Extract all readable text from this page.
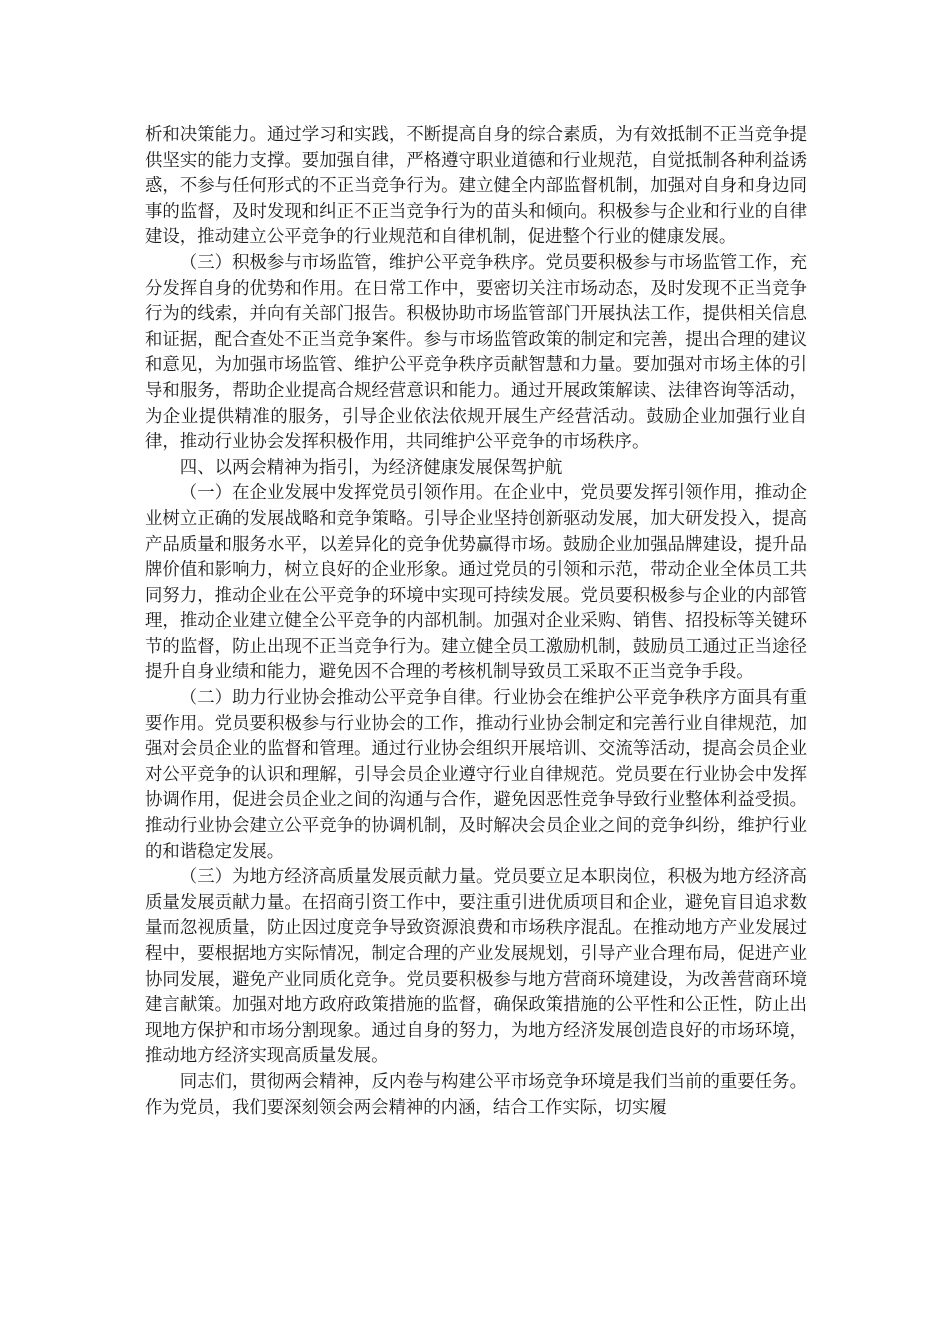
析和决策能力。通过学习和实践，不断提高自身的综合素质，为有效抵制不正当竞争提供坚实的能力支撑。要加强自律，严格遵守职业道德和行业规范，自觉抵制各种利益诱惑，不参与任何形式的不正当竞争行为。建立健全内部监督机制，加强对自身和身边同事的监督，及时发现和纠正不正当竞争行为的苗头和倾向。积极参与企业和行业的自律建设，推动建立公平竞争的行业规范和自律机制，促进整个行业的健康发展。

（三）积极参与市场监管，维护公平竞争秩序。党员要积极参与市场监管工作，充分发挥自身的优势和作用。在日常工作中，要密切关注市场动态，及时发现不正当竞争行为的线索，并向有关部门报告。积极协助市场监管部门开展执法工作，提供相关信息和证据，配合查处不正当竞争案件。参与市场监管政策的制定和完善，提出合理的建议和意见，为加强市场监管、维护公平竞争秩序贡献智慧和力量。要加强对市场主体的引导和服务，帮助企业提高合规经营意识和能力。通过开展政策解读、法律咨询等活动，为企业提供精准的服务，引导企业依法依规开展生产经营活动。鼓励企业加强行业自律，推动行业协会发挥积极作用，共同维护公平竞争的市场秩序。

四、以两会精神为指引，为经济健康发展保驾护航

（一）在企业发展中发挥党员引领作用。在企业中，党员要发挥引领作用，推动企业树立正确的发展战略和竞争策略。引导企业坚持创新驱动发展，加大研发投入，提高产品质量和服务水平，以差异化的竞争优势赢得市场。鼓励企业加强品牌建设，提升品牌价值和影响力，树立良好的企业形象。通过党员的引领和示范，带动企业全体员工共同努力，推动企业在公平竞争的环境中实现可持续发展。党员要积极参与企业的内部管理，推动企业建立健全公平竞争的内部机制。加强对企业采购、销售、招投标等关键环节的监督，防止出现不正当竞争行为。建立健全员工激励机制，鼓励员工通过正当途径提升自身业绩和能力，避免因不合理的考核机制导致员工采取不正当竞争手段。

（二）助力行业协会推动公平竞争自律。行业协会在维护公平竞争秩序方面具有重要作用。党员要积极参与行业协会的工作，推动行业协会制定和完善行业自律规范，加强对会员企业的监督和管理。通过行业协会组织开展培训、交流等活动，提高会员企业对公平竞争的认识和理解，引导会员企业遵守行业自律规范。党员要在行业协会中发挥协调作用，促进会员企业之间的沟通与合作，避免因恶性竞争导致行业整体利益受损。推动行业协会建立公平竞争的协调机制，及时解决会员企业之间的竞争纠纷，维护行业的和谐稳定发展。

（三）为地方经济高质量发展贡献力量。党员要立足本职岗位，积极为地方经济高质量发展贡献力量。在招商引资工作中，要注重引进优质项目和企业，避免盲目追求数量而忽视质量，防止因过度竞争导致资源浪费和市场秩序混乱。在推动地方产业发展过程中，要根据地方实际情况，制定合理的产业发展规划，引导产业合理布局，促进产业协同发展，避免产业同质化竞争。党员要积极参与地方营商环境建设，为改善营商环境建言献策。加强对地方政府政策措施的监督，确保政策措施的公平性和公正性，防止出现地方保护和市场分割现象。通过自身的努力，为地方经济发展创造良好的市场环境，推动地方经济实现高质量发展。

同志们，贯彻两会精神，反内卷与构建公平市场竞争环境是我们当前的重要任务。作为党员，我们要深刻领会两会精神的内涵，结合工作实际，切实履
